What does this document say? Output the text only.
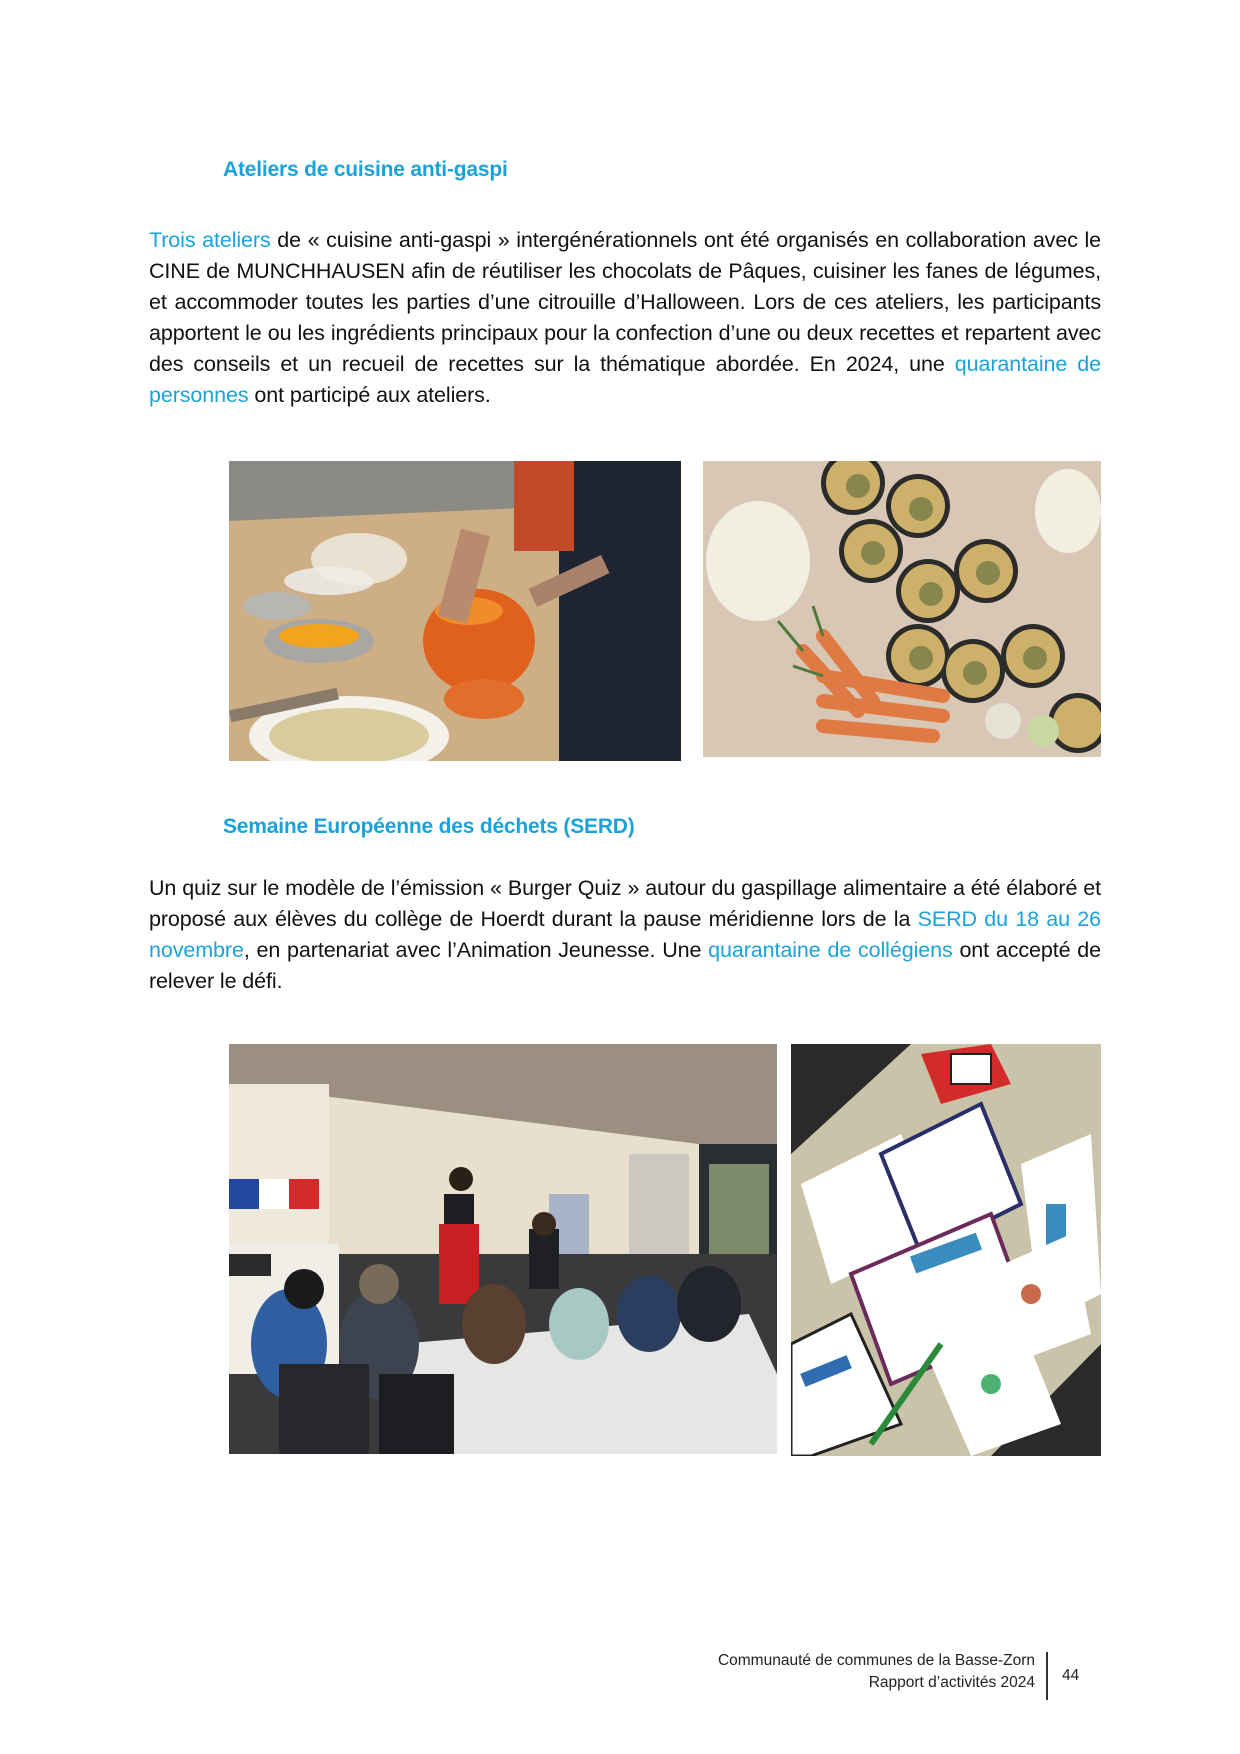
Ateliers de cuisine anti-gaspi

Trois ateliers de « cuisine anti-gaspi » intergénérationnels ont été organisés en collaboration avec le CINE de MUNCHHAUSEN afin de réutiliser les chocolats de Pâques, cuisiner les fanes de légumes, et accommoder toutes les parties d’une citrouille d’Halloween. Lors de ces ateliers, les participants apportent le ou les ingrédients principaux pour la confection d’une ou deux recettes et repartent avec des conseils et un recueil de recettes sur la thématique abordée. En 2024, une quarantaine de personnes ont participé aux ateliers.

Semaine Européenne des déchets (SERD)

Un quiz sur le modèle de l’émission « Burger Quiz » autour du gaspillage alimentaire a été élaboré et proposé aux élèves du collège de Hoerdt durant la pause méridienne lors de la SERD du 18 au 26 novembre, en partenariat avec l’Animation Jeunesse. Une quarantaine de collégiens ont accepté de relever le défi.

Communauté de communes de la Basse-Zorn
Rapport d’activités 2024 44
